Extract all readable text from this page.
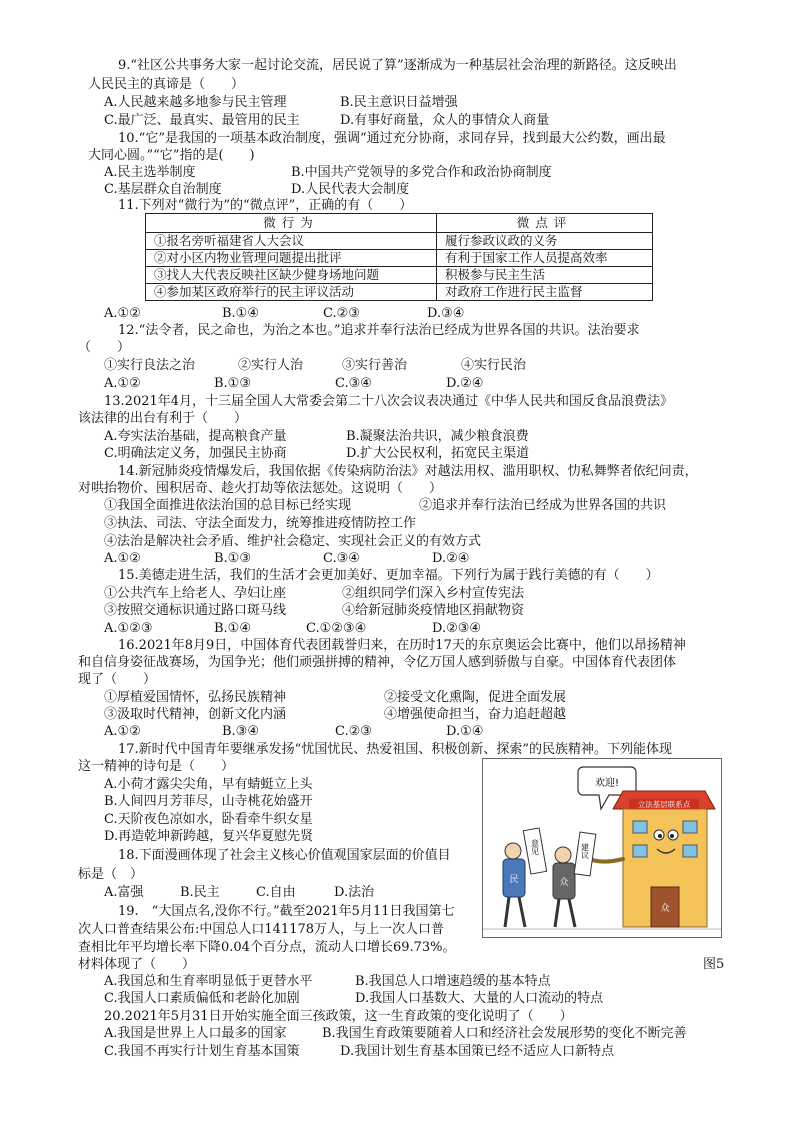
9.“社区公共事务大家一起讨论交流，居民说了算”逐渐成为一种基层社会治理的新路径。这反映出
人民民主的真谛是（　　）
A.人民越来越多地参与民主管理	B.民主意识日益增强
C.最广泛、最真实、最管用的民主	D.有事好商量，众人的事情众人商量
10.“它”是我国的一项基本政治制度，强调“通过充分协商，求同存异，找到最大公约数，画出最
大同心圆。”“它”指的是(　　)
A.民主选举制度	B.中国共产党领导的多党合作和政治协商制度
C.基层群众自治制度	D.人民代表大会制度
11.下列对“微行为”的“微点评”，正确的有（　　）
微行为	微点评
①报名旁听福建省人大会议	履行参政议政的义务
②对小区内物业管理问题提出批评	有利于国家工作人员提高效率
③找人大代表反映社区缺少健身场地问题	积极参与民主生活
④参加某区政府举行的民主评议活动	对政府工作进行民主监督
A.①②	B.①④	C.②③	D.③④
12.“法令者，民之命也，为治之本也。”追求并奉行法治已经成为世界各国的共识。法治要求
（　　）
①实行良法之治	②实行人治	③实行善治	④实行民治
A.①②	B.①③	C.③④	D.②④
13.2021年4月，十三届全国人大常委会第二十八次会议表决通过《中华人民共和国反食品浪费法》
该法律的出台有利于（　　）
A.夸实法治基础，提高粮食产量	B.凝聚法治共识，减少粮食浪费
C.明确法定义务，加强民主协商	D.扩大公民权利，拓宽民主渠道
14.新冠肺炎疫情爆发后，我国依据《传染病防治法》对越法用权、滥用职权、忇私舞弊者依纪问责，
对哄抬物价、囤积居奇、趁火打劫等依法惩处。这说明（　　）
①我国全面推进依法治国的总目标已经实现	②追求并奉行法治已经成为世界各国的共识
③执法、司法、守法全面发力，统筹推进疫情防控工作
④法治是解决社会矛盾、维护社会稳定、实现社会正义的有效方式
A.①②	B.①③	C.③④	D.②④
15.美德走进生活，我们的生活才会更加美好、更加幸福。下列行为属于践行美德的有（　　）
①公共汽车上给老人、孕妇让座	②组织同学们深入乡村宣传宪法
③按照交通标识通过路口斑马线	④给新冠肺炎疫情地区捐献物资
A.①②③	B.①④	C.①②③④	D.②③④
16.2021年8月9日，中国体育代表团载誉归来，在历时17天的东京奥运会比赛中，他们以昂扬精神
和自信身姿征战赛场，为国争光；他们顽强拼搏的精神，令亿万国人感到骄傲与自豪。中国体育代表团体
现了（　　）
①厚植爱国情怀，弘扬民族精神	②接受文化熏陶，促进全面发展
③汲取时代精神，创新文化内涵	④增强使命担当，奋力追赶超越
A.①②	B.③④	C.②③	D.①④
17.新时代中国青年要继承发扬“忧国忧民、热爱祖国、积极创新、探索”的民族精神。下列能体现
这一精神的诗句是（　　）
A.小荷才露尖尖角，早有蜻蜓立上头
B.人间四月芳菲尽，山寺桃花始盛开
C.天阶夜色凉如水，卧看牵牛织女星
D.再造乾坤新跨越，复兴华夏慰先贤
18.下面漫画体现了社会主义核心价值观国家层面的价值目
标是（　）
A.富强	B.民主	C.自由	D.法治
19.　“大国点名,没你不行。”截至2021年5月11日我国第七
次人口普查结果公布:中国总人口141178万人，与上一次人口普
查相比年平均增长率下降0.04个百分点，流动人口增长69.73%。
材料体现了（　　）	图5
A.我国总和生育率明显低于更替水平	B.我国总人口增速趋缓的基本特点
C.我国人口素质偏低和老龄化加剧	D.我国人口基数大、大量的人口流动的特点
20.2021年5月31日开始实施全面三孩政策，这一生育政策的变化说明了（　　）
A.我国是世界上人口最多的国家	B.我国生育政策要随着人口和经济社会发展形势的变化不断完善
C.我国不再实行计划生育基本国策	D.我国计划生育基本国策已经不适应人口新特点
欢迎!
立法基层联系点
众
民
意见
众
建议
